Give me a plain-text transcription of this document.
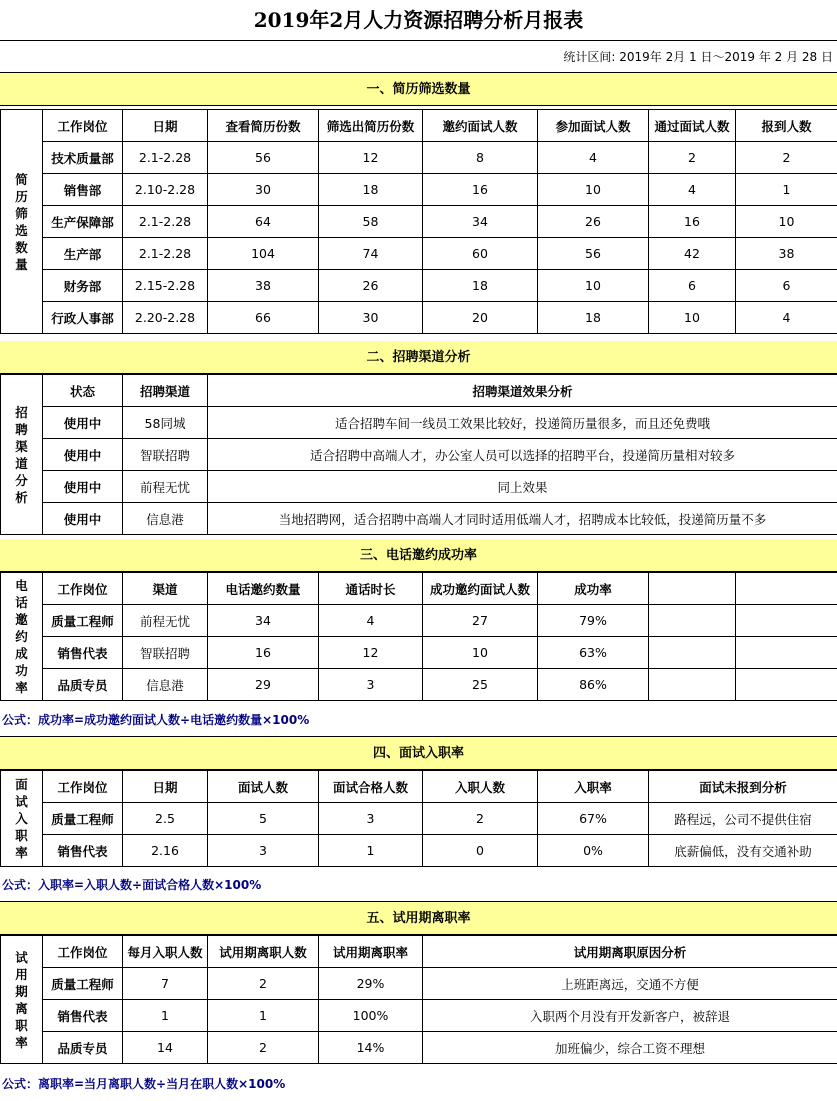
2019年2月人力资源招聘分析月报表
统计区间: 2019年 2月 1 日～2019 年 2 月 28 日
一、简历筛选数量
简历筛选数量	工作岗位	日期	查看简历份数	筛选出简历份数	邀约面试人数	参加面试人数	通过面试人数	报到人数
	技术质量部	2.1-2.28	56	12	8	4	2	2
	销售部	2.10-2.28	30	18	16	10	4	1
	生产保障部	2.1-2.28	64	58	34	26	16	10
	生产部	2.1-2.28	104	74	60	56	42	38
	财务部	2.15-2.28	38	26	18	10	6	6
	行政人事部	2.20-2.28	66	30	20	18	10	4
二、招聘渠道分析
招聘渠道分析	状态	招聘渠道	招聘渠道效果分析
	使用中	58同城	适合招聘车间一线员工效果比较好，投递简历量很多，而且还免费哦
	使用中	智联招聘	适合招聘中高端人才，办公室人员可以选择的招聘平台，投递简历量相对较多
	使用中	前程无忧	同上效果
	使用中	信息港	当地招聘网，适合招聘中高端人才同时适用低端人才，招聘成本比较低，投递简历量不多
三、电话邀约成功率
电话邀约成功率	工作岗位	渠道	电话邀约数量	通话时长	成功邀约面试人数	成功率		
	质量工程师	前程无忧	34	4	27	79%		
	销售代表	智联招聘	16	12	10	63%		
	品质专员	信息港	29	3	25	86%		
公式：成功率=成功邀约面试人数÷电话邀约数量×100%
四、面试入职率
面试入职率	工作岗位	日期	面试人数	面试合格人数	入职人数	入职率	面试未报到分析
	质量工程师	2.5	5	3	2	67%	路程远，公司不提供住宿
	销售代表	2.16	3	1	0	0%	底薪偏低，没有交通补助
公式：入职率=入职人数÷面试合格人数×100%
五、试用期离职率
试用期离职率	工作岗位	每月入职人数	试用期离职人数	试用期离职率	试用期离职原因分析
	质量工程师	7	2	29%	上班距离远，交通不方便
	销售代表	1	1	100%	入职两个月没有开发新客户，被辞退
	品质专员	14	2	14%	加班偏少，综合工资不理想
公式：离职率=当月离职人数÷当月在职人数×100%
